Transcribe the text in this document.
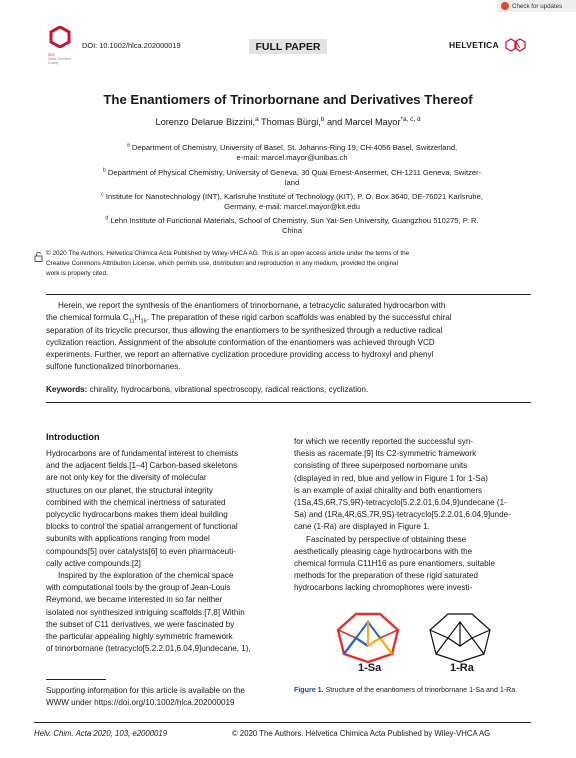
Check for updates
SCS
Swiss Chemical Society
DOI: 10.1002/hlca.202000019	FULL PAPER	HELVETICA
The Enantiomers of Trinorbornane and Derivatives Thereof
Lorenzo Delarue Bizzini,$^a$ Thomas Bürgi,$^b$ and Marcel Mayor$^{*a, c, d}$
$^a$ Department of Chemistry, University of Basel, St. Johanns-Ring 19, CH-4056 Basel, Switzerland,
e-mail: marcel.mayor@unibas.ch
$^b$ Department of Physical Chemistry, University of Geneva, 30 Quai Ernest-Ansermet, CH-1211 Geneva, Switzer-
land
$^c$ Institute for Nanotechnology (INT), Karlsruhe Institute of Technology (KIT), P. O. Box 3640, DE-76021 Karlsruhe,
Germany, e-mail: marcel.mayor@kit.edu
$^d$ Lehn Institute of Functional Materials, School of Chemistry, Sun Yat-Sen University, Guangzhou 510275, P. R.
China
© 2020 The Authors. Helvetica Chimica Acta Published by Wiley-VHCA AG. This is an open access article under the terms of the
Creative Commons Attribution License, which permits use, distribution and reproduction in any medium, provided the original
work is properly cited.
Herein, we report the synthesis of the enantiomers of trinorbornane, a tetracyclic saturated hydrocarbon with
the chemical formula $C_{11}H_{16}$. The preparation of these rigid carbon scaffolds was enabled by the successful chiral
separation of its tricyclic precursor, thus allowing the enantiomers to be synthesized through a reductive radical
cyclization reaction. Assignment of the absolute conformation of the enantiomers was achieved through VCD
experiments. Further, we report an alternative cyclization procedure providing access to hydroxyl and phenyl
sulfone functionalized trinorbornanes.
Keywords: chirality, hydrocarbons, vibrational spectroscopy, radical reactions, cyclization.
Introduction
Hydrocarbons are of fundamental interest to chemists
and the adjacent fields.[1–4] Carbon-based skeletons
are not only key for the diversity of molecular
structures on our planet, the structural integrity
combined with the chemical inertness of saturated
polycyclic hydrocarbons makes them ideal building
blocks to control the spatial arrangement of functional
subunits with applications ranging from model
compounds[5] over catalysts[6] to even pharmaceuti-
cally active compounds.[2]
Inspired by the exploration of the chemical space
with computational tools by the group of Jean-Louis
Reymond, we became interested in so far neither
isolated nor synthesized intriguing scaffolds.[7,8] Within
the subset of C11 derivatives, we were fascinated by
the particular appealing highly symmetric framework
of trinorbornane (tetracyclo[5.2.2.01,6.04,9]undecane, 1),
Supporting information for this article is available on the
WWW under https://doi.org/10.1002/hlca.202000019
for which we recently reported the successful syn-
thesis as racemate.[9] Its C2-symmetric framework
consisting of three superposed norbornane units
(displayed in red, blue and yellow in Figure 1 for 1-Sa)
is an example of axial chirality and both enantiomers
(1Sa,4S,6R,7S,9R)-tetracyclo[5.2.2.01,6.04,9]undecane (1-
Sa) and (1Ra,4R,6S,7R,9S)-tetracyclo[5.2.2.01,6.04,9]unde-
cane (1-Ra) are displayed in Figure 1.
Fascinated by perspective of obtaining these
aesthetically pleasing cage hydrocarbons with the
chemical formula C11H16 as pure enantiomers, suitable
methods for the preparation of these rigid saturated
hydrocarbons lacking chromophores were investi-
1-Sa	1-Ra
Figure 1. Structure of the enantiomers of trinorbornane 1-Sa and 1-Ra.
Helv. Chim. Acta 2020, 103, e2000019	© 2020 The Authors. Helvetica Chimica Acta Published by Wiley-VHCA AG
